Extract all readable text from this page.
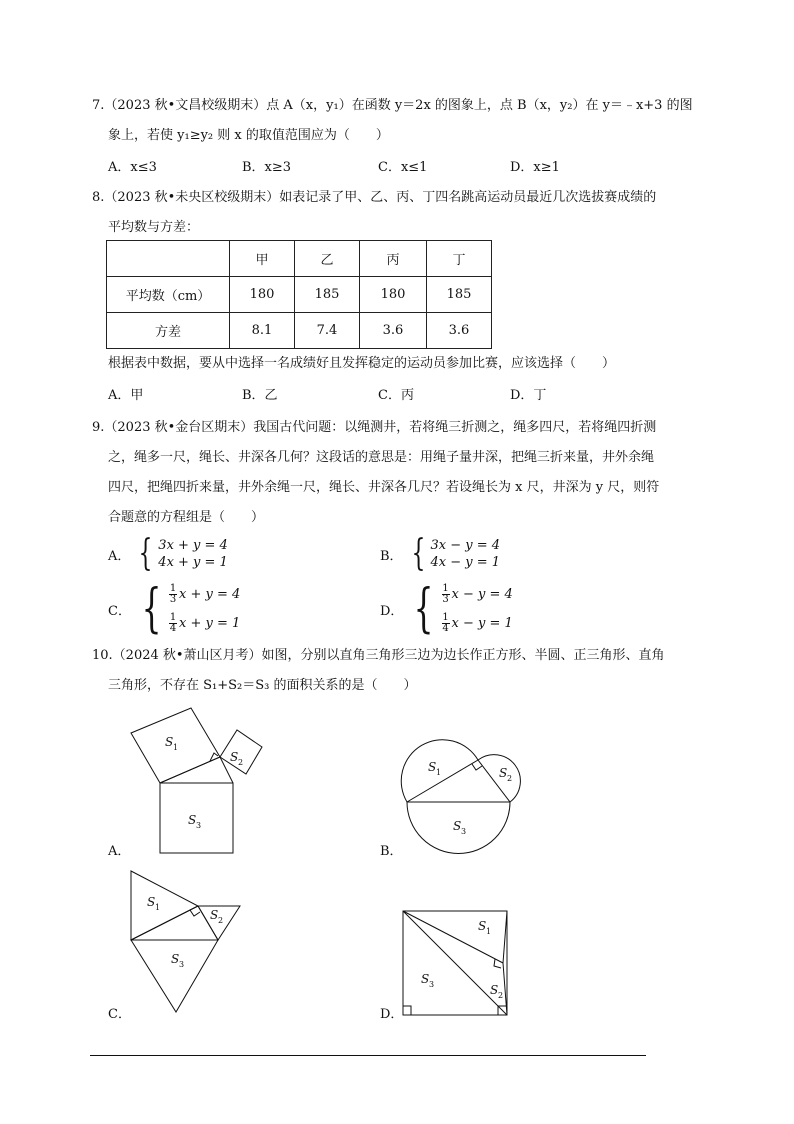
7.（2023 秋•文昌校级期末）点 A（x，y₁）在函数 y＝2x 的图象上，点 B（x，y₂）在 y＝﹣x+3 的图
象上，若使 y₁≥y₂ 则 x 的取值范围应为（　　）
A．x≤3	B．x≥3	C．x≤1	D．x≥1
8.（2023 秋•未央区校级期末）如表记录了甲、乙、丙、丁四名跳高运动员最近几次选拔赛成绩的
平均数与方差：
	甲	乙	丙	丁
平均数（cm）	180	185	180	185
方差	8.1	7.4	3.6	3.6
根据表中数据，要从中选择一名成绩好且发挥稳定的运动员参加比赛，应该选择（　　）
A．甲	B．乙	C．丙	D．丁
9.（2023 秋•金台区期末）我国古代问题：以绳测井，若将绳三折测之，绳多四尺，若将绳四折测
之，绳多一尺，绳长、井深各几何？这段话的意思是：用绳子量井深，把绳三折来量，井外余绳
四尺，把绳四折来量，井外余绳一尺，绳长、井深各几尺？若设绳长为 x 尺，井深为 y 尺，则符
合题意的方程组是（　　）
A． { 3x + y = 4
4x + y = 1	B． { 3x − y = 4
4x − y = 1
C． { $\frac{1}{3}$ x + y = 4
$\frac{1}{4}$ x + y = 1
D． { $\frac{1}{3}$ x − y = 4
$\frac{1}{4}$ x − y = 1
10.（2024 秋•萧山区月考）如图，分别以直角三角形三边为边长作正方形、半圆、正三角形、直角
三角形，不存在 S₁+S₂＝S₃ 的面积关系的是（　　）
S 1
S 2
S 3
A．
S 1	S 2
S 3
B．
S 1
S 2
S 3
C．
S 1
S 2
S 3
D．
